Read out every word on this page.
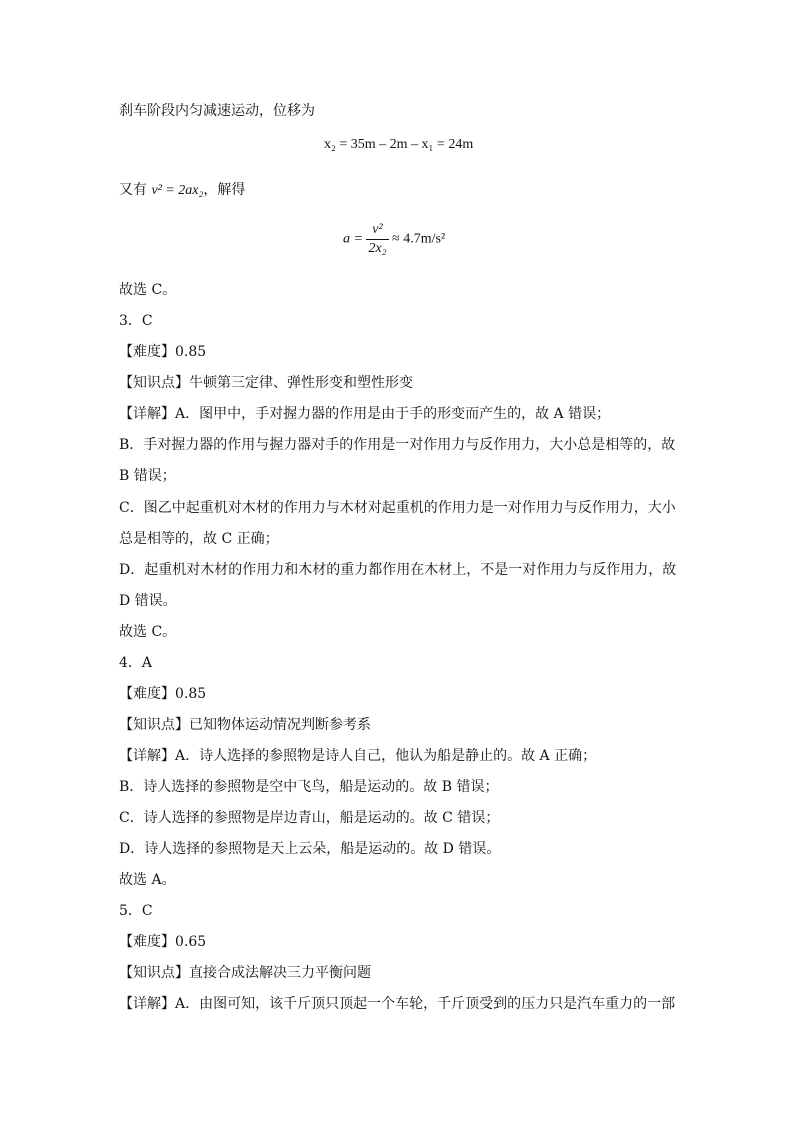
刹车阶段内匀减速运动，位移为
x₂ = 35m – 2m – x₁ = 24m
又有 v² = 2ax₂，解得
$a = \frac{\text{v²}}{\text{2x₂}} \approx 4.7m/s^2$
故选 C。
3．C
【难度】0.85
【知识点】牛顿第三定律、弹性形变和塑性形变
【详解】A．图甲中，手对握力器的作用是由于手的形变而产生的，故 A 错误；
B．手对握力器的作用与握力器对手的作用是一对作用力与反作用力，大小总是相等的，故
B 错误；
C．图乙中起重机对木材的作用力与木材对起重机的作用力是一对作用力与反作用力，大小
总是相等的，故 C 正确；
D．起重机对木材的作用力和木材的重力都作用在木材上，不是一对作用力与反作用力，故
D 错误。
故选 C。
4．A
【难度】0.85
【知识点】已知物体运动情况判断参考系
【详解】A．诗人选择的参照物是诗人自己，他认为船是静止的。故 A 正确；
B．诗人选择的参照物是空中飞鸟，船是运动的。故 B 错误；
C．诗人选择的参照物是岸边青山，船是运动的。故 C 错误；
D．诗人选择的参照物是天上云朵，船是运动的。故 D 错误。
故选 A。
5．C
【难度】0.65
【知识点】直接合成法解决三力平衡问题
【详解】A．由图可知，该千斤顶只顶起一个车轮，千斤顶受到的压力只是汽车重力的一部
